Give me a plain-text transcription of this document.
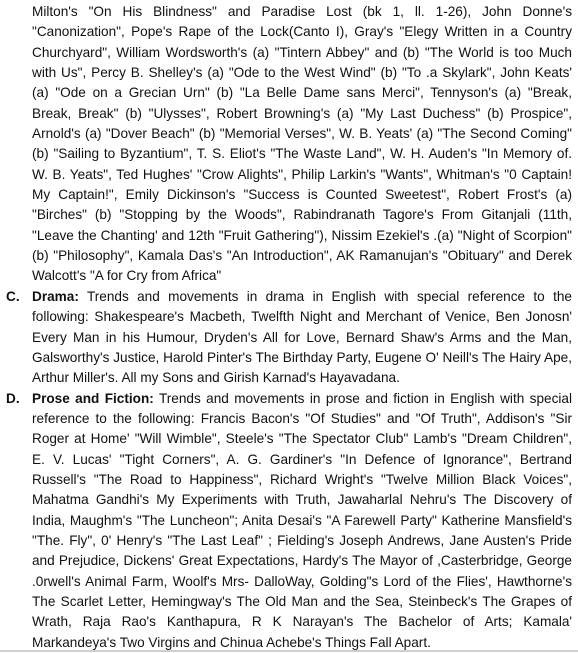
Milton's "On His Blindness" and Paradise Lost (bk 1, ll. 1-26), John Donne's "Canonization", Pope's Rape of the Lock(Canto I), Gray's "Elegy Written in a Country Churchyard", William Wordsworth's (a) "Tintern Abbey" and (b) "The World is too Much with Us", Percy B. Shelley's (a) "Ode to the West Wind" (b) "To .a Skylark", John Keats' (a) "Ode on a Grecian Urn" (b) "La Belle Dame sans Merci", Tennyson's (a) "Break, Break, Break" (b) "Ulysses", Robert Browning's (a) "My Last Duchess" (b) Prospice", Arnold's (a) "Dover Beach" (b) "Memorial Verses", W. B. Yeats' (a) "The Second Coming" (b) "Sailing to Byzantium", T. S. Eliot's "The Waste Land", W. H. Auden's "In Memory of. W. B. Yeats", Ted Hughes' "Crow Alights", Philip Larkin's "Wants", Whitman's "0 Captain! My Captain!", Emily Dickinson's "Success is Counted Sweetest", Robert Frost's (a) "Birches" (b) "Stopping by the Woods", Rabindranath Tagore's From Gitanjali (11th, "Leave the Chanting' and 12th "Fruit Gathering"), Nissim Ezekiel's .(a) "Night of Scorpion" (b) "Philosophy", Kamala Das's "An Introduction", AK Ramanujan's "Obituary" and Derek Walcott's "A for Cry from Africa"

C. Drama: Trends and movements in drama in English with special reference to the following: Shakespeare's Macbeth, Twelfth Night and Merchant of Venice, Ben Jonosn' Every Man in his Humour, Dryden's All for Love, Bernard Shaw's Arms and the Man, Galsworthy's Justice, Harold Pinter's The Birthday Party, Eugene O' Neill's The Hairy Ape, Arthur Miller's. All my Sons and Girish Karnad's Hayavadana.
D. Prose and Fiction: Trends and movements in prose and fiction in English with special reference to the following: Francis Bacon's "Of Studies" and "Of Truth", Addison's "Sir Roger at Home' "Will Wimble", Steele's "The Spectator Club" Lamb's "Dream Children", E. V. Lucas' "Tight Corners", A. G. Gardiner's "In Defence of Ignorance", Bertrand Russell's "The Road to Happiness", Richard Wright's "Twelve Million Black Voices", Mahatma Gandhi's My Experiments with Truth, Jawaharlal Nehru's The Discovery of India, Maughm's "The Luncheon"; Anita Desai's "A Farewell Party" Katherine Mansfield's "The. Fly", 0' Henry's "The Last Leaf" ; Fielding's Joseph Andrews, Jane Austen's Pride and Prejudice, Dickens' Great Expectations, Hardy's The Mayor of ,Casterbridge, George .0rwell's Animal Farm, Woolf's Mrs- DalloWay, Golding"s Lord of the Flies', Hawthorne's The Scarlet Letter, Hemingway's The Old Man and the Sea, Steinbeck's The Grapes of Wrath, Raja Rao's Kanthapura, R K Narayan's The Bachelor of Arts; Kamala' Markandeya's Two Virgins and Chinua Achebe's Things Fall Apart.
